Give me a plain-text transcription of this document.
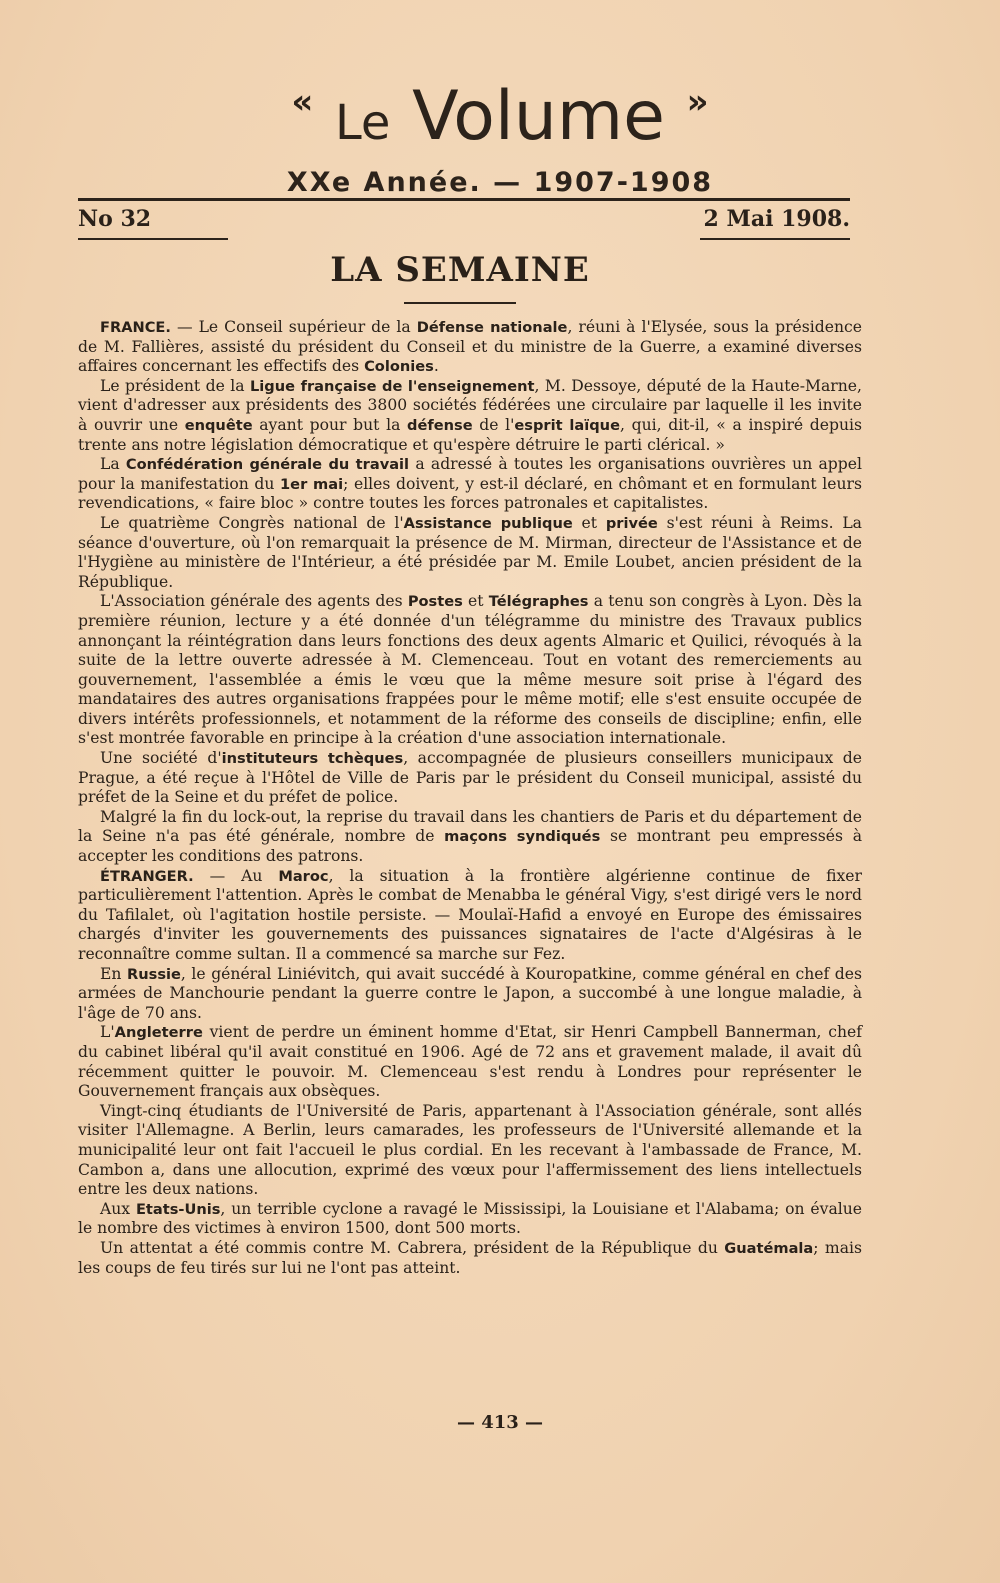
« Le Volume »
XXe Année. — 1907-1908
No 32	2 Mai 1908.
LA SEMAINE

FRANCE. — Le Conseil supérieur de la Défense nationale, réuni à l'Elysée, sous la présidence de M. Fallières, assisté du président du Conseil et du ministre de la Guerre, a examiné diverses affaires concernant les effectifs des Colonies.

Le président de la Ligue française de l'enseignement, M. Dessoye, député de la Haute-Marne, vient d'adresser aux présidents des 3800 sociétés fédérées une circulaire par laquelle il les invite à ouvrir une enquête ayant pour but la défense de l'esprit laïque, qui, dit-il, « a inspiré depuis trente ans notre législation démocratique et qu'espère détruire le parti clérical. »

La Confédération générale du travail a adressé à toutes les organisations ouvrières un appel pour la manifestation du 1er mai; elles doivent, y est-il déclaré, en chômant et en formulant leurs revendications, « faire bloc » contre toutes les forces patronales et capitalistes.

Le quatrième Congrès national de l'Assistance publique et privée s'est réuni à Reims. La séance d'ouverture, où l'on remarquait la présence de M. Mirman, directeur de l'Assistance et de l'Hygiène au ministère de l'Intérieur, a été présidée par M. Emile Loubet, ancien président de la République.

L'Association générale des agents des Postes et Télégraphes a tenu son congrès à Lyon. Dès la première réunion, lecture y a été donnée d'un télégramme du ministre des Travaux publics annonçant la réintégration dans leurs fonctions des deux agents Almaric et Quilici, révoqués à la suite de la lettre ouverte adressée à M. Clemenceau. Tout en votant des remerciements au gouvernement, l'assemblée a émis le vœu que la même mesure soit prise à l'égard des mandataires des autres organisations frappées pour le même motif; elle s'est ensuite occupée de divers intérêts professionnels, et notamment de la réforme des conseils de discipline; enfin, elle s'est montrée favorable en principe à la création d'une association internationale.

Une société d'instituteurs tchèques, accompagnée de plusieurs conseillers municipaux de Prague, a été reçue à l'Hôtel de Ville de Paris par le président du Conseil municipal, assisté du préfet de la Seine et du préfet de police.

Malgré la fin du lock-out, la reprise du travail dans les chantiers de Paris et du département de la Seine n'a pas été générale, nombre de maçons syndiqués se montrant peu empressés à accepter les conditions des patrons.

ÉTRANGER. — Au Maroc, la situation à la frontière algérienne continue de fixer particulièrement l'attention. Après le combat de Menabba le général Vigy, s'est dirigé vers le nord du Tafilalet, où l'agitation hostile persiste. — Moulaï-Hafid a envoyé en Europe des émissaires chargés d'inviter les gouvernements des puissances signataires de l'acte d'Algésiras à le reconnaître comme sultan. Il a commencé sa marche sur Fez.

En Russie, le général Liniévitch, qui avait succédé à Kouropatkine, comme général en chef des armées de Manchourie pendant la guerre contre le Japon, a succombé à une longue maladie, à l'âge de 70 ans.

L'Angleterre vient de perdre un éminent homme d'Etat, sir Henri Campbell Bannerman, chef du cabinet libéral qu'il avait constitué en 1906. Agé de 72 ans et gravement malade, il avait dû récemment quitter le pouvoir. M. Clemenceau s'est rendu à Londres pour représenter le Gouvernement français aux obsèques.

Vingt-cinq étudiants de l'Université de Paris, appartenant à l'Association générale, sont allés visiter l'Allemagne. A Berlin, leurs camarades, les professeurs de l'Université allemande et la municipalité leur ont fait l'accueil le plus cordial. En les recevant à l'ambassade de France, M. Cambon a, dans une allocution, exprimé des vœux pour l'affermissement des liens intellectuels entre les deux nations.

Aux Etats-Unis, un terrible cyclone a ravagé le Mississipi, la Louisiane et l'Alabama; on évalue le nombre des victimes à environ 1500, dont 500 morts.

Un attentat a été commis contre M. Cabrera, président de la République du Guatémala; mais les coups de feu tirés sur lui ne l'ont pas atteint.

— 413 —
